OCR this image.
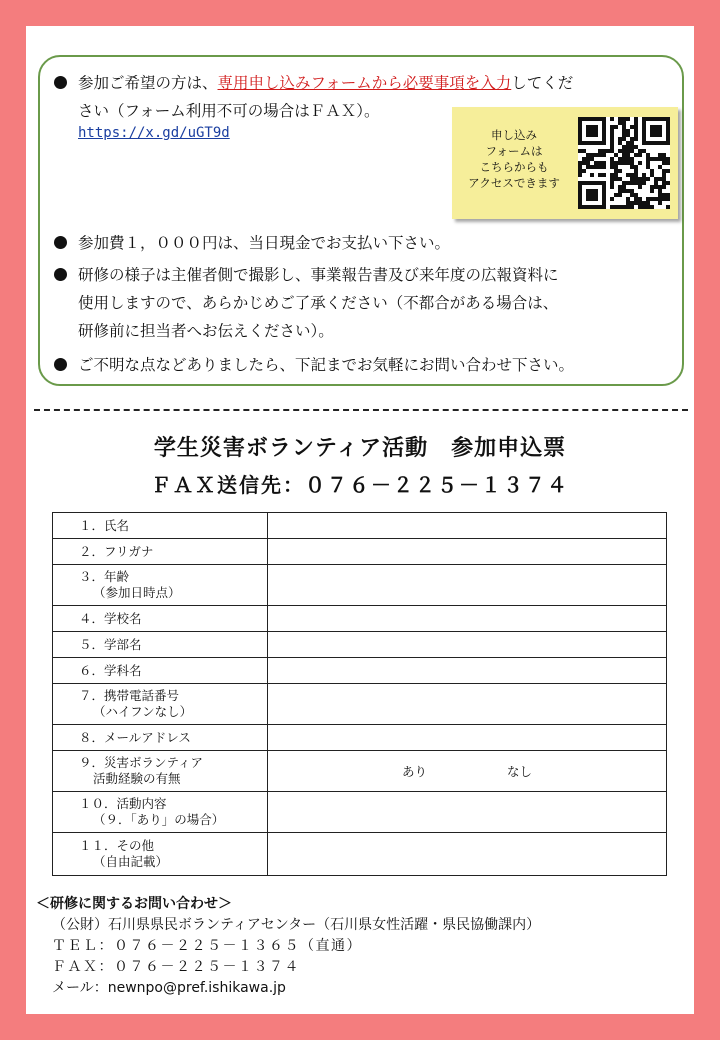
参加ご希望の方は、専用申し込みフォームから必要事項を入力してくだ
さい（フォーム利用不可の場合はＦＡＸ）。
https://x.gd/uGT9d	申し込み
フォームは
こちらからも
アクセスできます
参加費１，０００円は、当日現金でお支払い下さい。
研修の様子は主催者側で撮影し、事業報告書及び来年度の広報資料に
使用しますので、あらかじめご了承ください（不都合がある場合は、
研修前に担当者へお伝えください）。
ご不明な点などありましたら、下記までお気軽にお問い合わせ下さい。
学生災害ボランティア活動　参加申込票
ＦＡＸ送信先：０７６－２２５－１３７４
１．氏名	
２．フリガナ	
３．年齢
（参加日時点）	

４．学校名	
５．学部名	
６．学科名	
７．携帯電話番号
（ハイフンなし）	

８．メールアドレス	
９．災害ボランティア
活動経験の有無	あり なし
１０．活動内容
（９．「あり」の場合）	

１１．その他
（自由記載）	

＜研修に関するお問い合わせ＞
（公財）石川県県民ボランティアセンター（石川県女性活躍・県民協働課内）
ＴＥＬ：０７６－２２５－１３６５（直通）
ＦＡＸ：０７６－２２５－１３７４
メール：newnpo@pref.ishikawa.jp
